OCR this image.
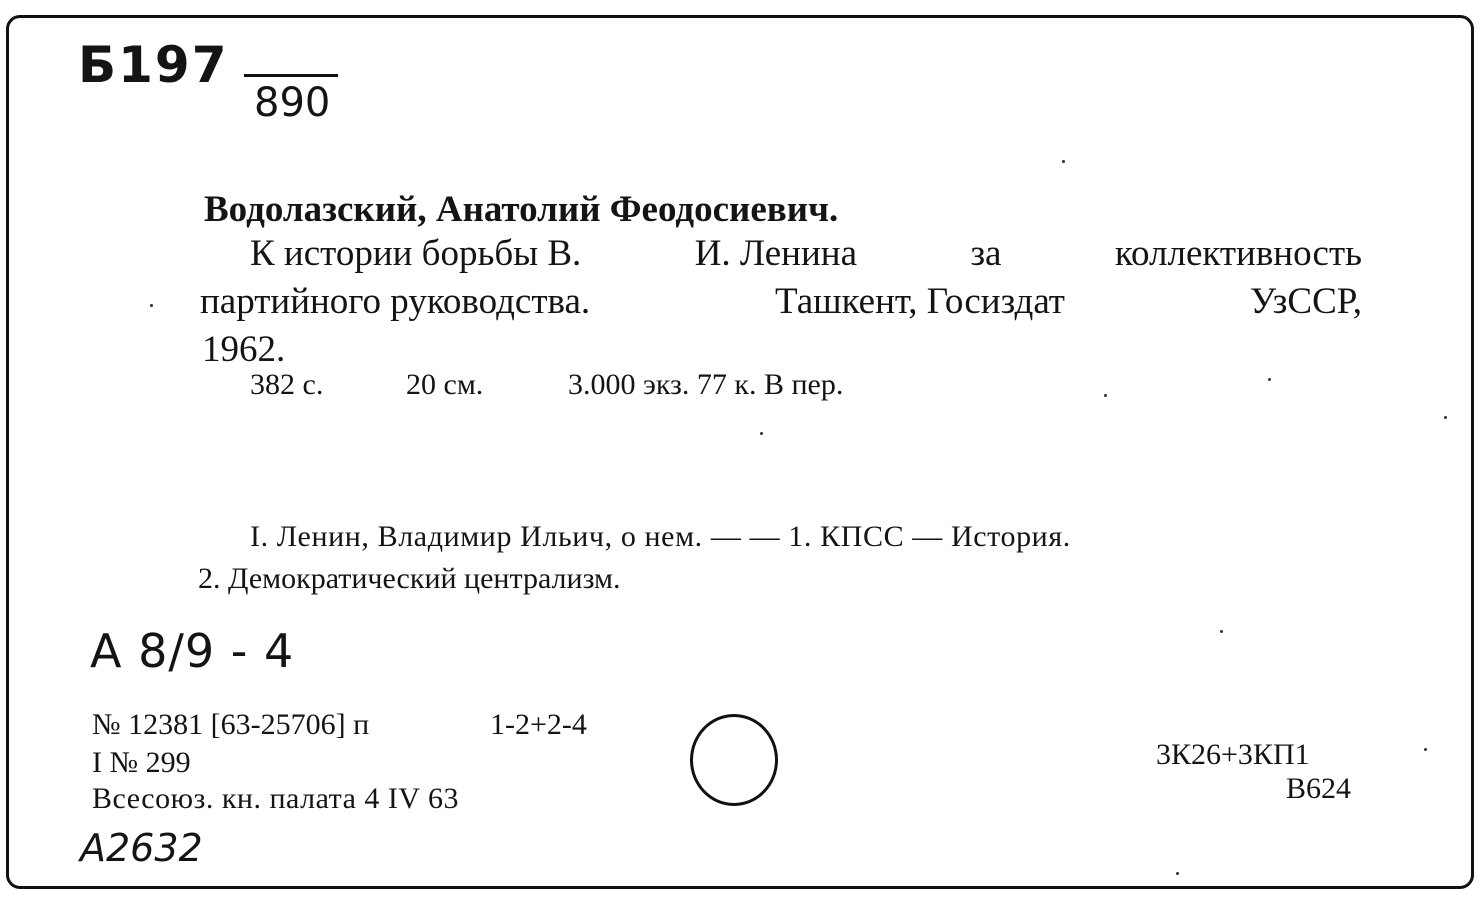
Б197
890
Водолазский, Анатолий Феодосиевич.
К истории борьбы В.	И. Ленина	за	коллективность
партийного руководства.	Ташкент, Госиздат	УзССР,
1962.
382 с.	20 см.	3.000 экз. 77 к. В пер.
I. Ленин, Владимир Ильич, о нем. — — 1. КПСС — История.
2. Демократический централизм.
А 8/9 - 4
№ 12381 [63-25706] п	1-2+2-4
I № 299
Всесоюз. кн. палата 4 IV 63
3К26+3КП1
В624
А2632
